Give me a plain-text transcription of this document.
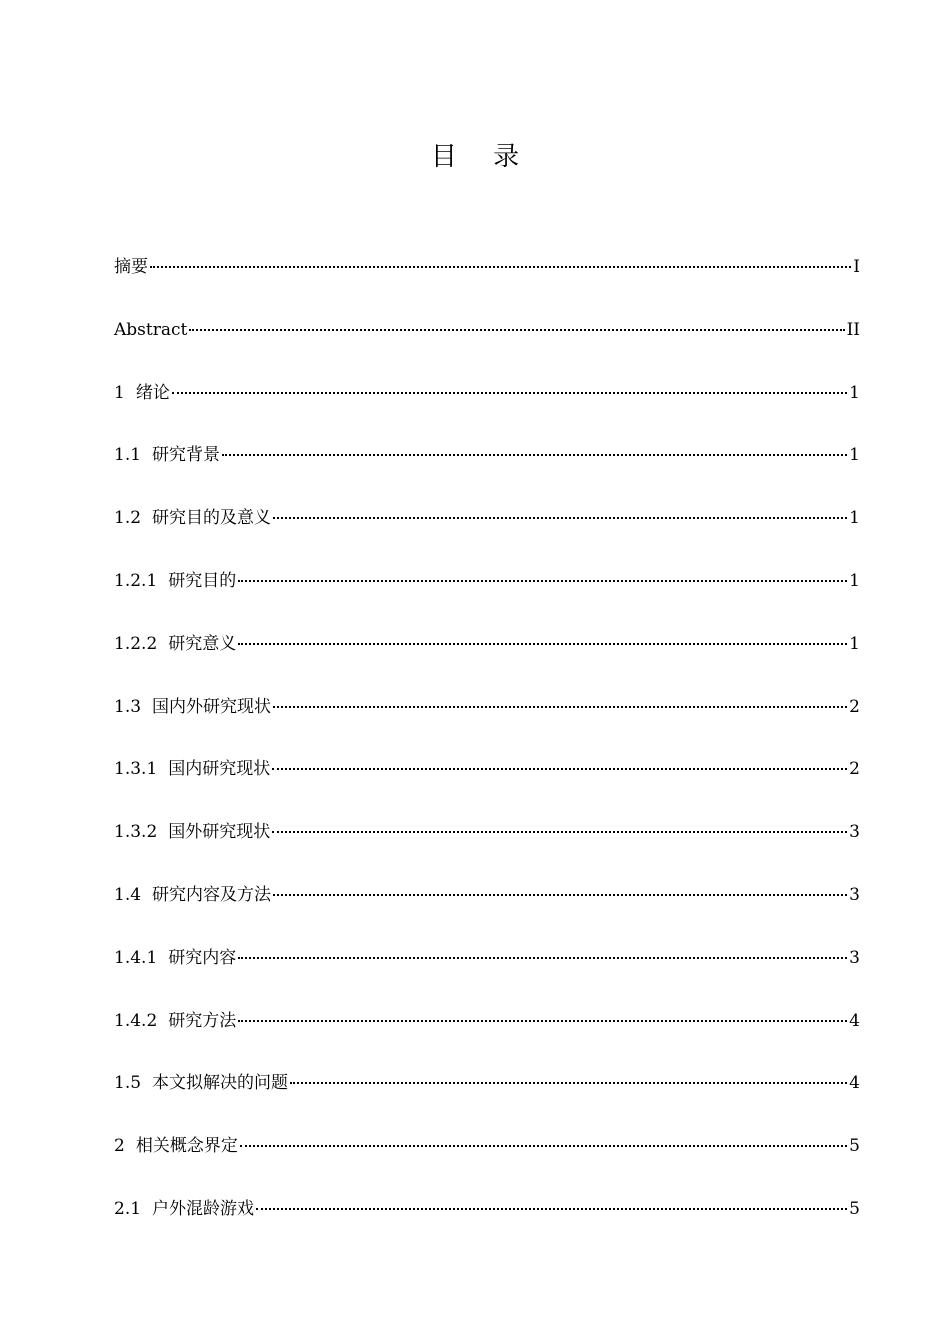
目 录
摘要	I
Abstract	II
1 绪论	1
1.1 研究背景	1
1.2 研究目的及意义	1
1.2.1 研究目的	1
1.2.2 研究意义	1
1.3 国内外研究现状	2
1.3.1 国内研究现状	2
1.3.2 国外研究现状	3
1.4 研究内容及方法	3
1.4.1 研究内容	3
1.4.2 研究方法	4
1.5 本文拟解决的问题	4
2 相关概念界定	5
2.1 户外混龄游戏	5
